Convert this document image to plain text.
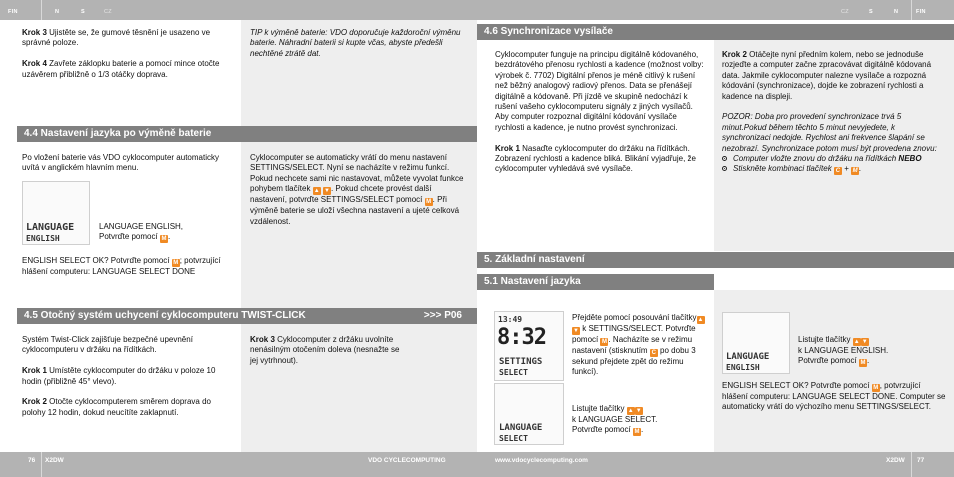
FIN	N	S	CZ	CZ	S	N	FIN

Krok 3 Ujistěte se, že gumové těsnění je usazeno ve správné poloze.

Krok 4 Zavřete záklopku baterie a pomocí mince otočte uzávěrem přibližně o 1/3 otáčky doprava.

TIP k výměně baterie: VDO doporučuje každoroční výměnu baterie. Náhradní baterii si kupte včas, abyste předešli nechtěné ztrátě dat.
4.4 Nastavení jazyka po výměně baterie
Po vložení baterie vás VDO cyklocomputer automaticky uvítá v anglickém hlavním menu.
LANGUAGE
ENGLISH

LANGUAGE ENGLISH,

Potvrďte pomocí M .

ENGLISH SELECT OK? Potvrďte pomocí M ; potvrzující hlášení computeru: LANGUAGE SELECT DONE
Cyklocomputer se automaticky vrátí do menu nastavení SETTINGS/SELECT. Nyní se nacházíte v režimu funkcí. Pokud nechcete sami nic nastavovat, můžete vyvolat funkce pohybem tlačítek ▲ ▼. Pokud chcete provést další nastavení, potvrďte SETTINGS/SELECT pomocí M . Při výměně baterie se uloží všechna nastavení a ujeté celková vzdálenost.
4.5 Otočný systém uchycení cyklocomputeru TWIST-CLICK	>>> P06

Systém Twist-Click zajišťuje bezpečné upevnění cyklocomputeru v držáku na řídítkách.

Krok 1 Umístěte cyklocomputer do držáku v poloze 10 hodin (přibližně 45° vlevo).

Krok 2 Otočte cyklocomputerem směrem doprava do polohy 12 hodin, dokud neucítíte zaklapnutí.

Krok 3 Cyklocomputer z držáku uvolníte nenásilným otočením doleva (nesnažte se jej vytrhnout).

4.6 Synchronizace vysílače

Cyklocomputer funguje na principu digitálně kódovaného, bezdrátového přenosu rychlosti a kadence (možnost volby: výrobek č. 7702) Digitální přenos je méně citlivý k rušení než běžný analogový radiový přenos. Data se přenášejí digitálně a kódovaně. Při jízdě ve skupině nedochází k rušení vašeho cyklocomputeru signály z jiných vysílačů. Aby computer rozpoznal digitální kódování vysílače rychlosti a kadence, je nutno provést synchronizaci.

Krok 1 Nasaďte cyklocomputer do držáku na řídítkách. Zobrazení rychlosti a kadence bliká. Blikání vyjadřuje, že cyklocomputer vyhledává své vysílače.

Krok 2 Otáčejte nyní předním kolem, nebo se jednoduše rozjeďte a computer začne zpracovávat digitálně kódovaná data. Jakmile cyklocomputer nalezne vysílače a rozpozná kódování (synchronizace), dojde ke zobrazení rychlosti a kadence na displeji.

POZOR: Doba pro provedení synchronizace trvá 5 minut.Pokud během těchto 5 minut nevyjedete, k synchronizaci nedojde. Rychlost ani frekvence šlapání se nezobrazí. Synchronizace potom musí být provedena znovu:

Computer vložte znovu do držáku na řídítkách NEBO

Stiskněte kombinaci tlačítek C + M .

5. Základní nastavení
5.1 Nastavení jazyka
13:49
8:32
SETTINGS
SELECT
Přejděte pomocí posouvání tlačítky▲▼ k SETTINGS/SELECT. Potvrďte pomocí M . Nacházíte se v režimu nastavení (stisknutím C po dobu 3 sekund přejdete zpět do režimu funkcí).
LANGUAGE
SELECT

Listujte tlačítky ▲ ▼

k LANGUAGE SELECT.

Potvrďte pomocí M .

LANGUAGE
ENGLISH

Listujte tlačítky ▲ ▼

k LANGUAGE ENGLISH.

Potvrďte pomocí M .

ENGLISH SELECT OK? Potvrďte pomocí M , potvrzující hlášení computeru: LANGUAGE SELECT DONE. Computer se automaticky vrátí do výchozího menu SETTINGS/SELECT.
76 X2DW	VDO CYCLECOMPUTING	www.vdocyclecomputing.com	X2DW 77
